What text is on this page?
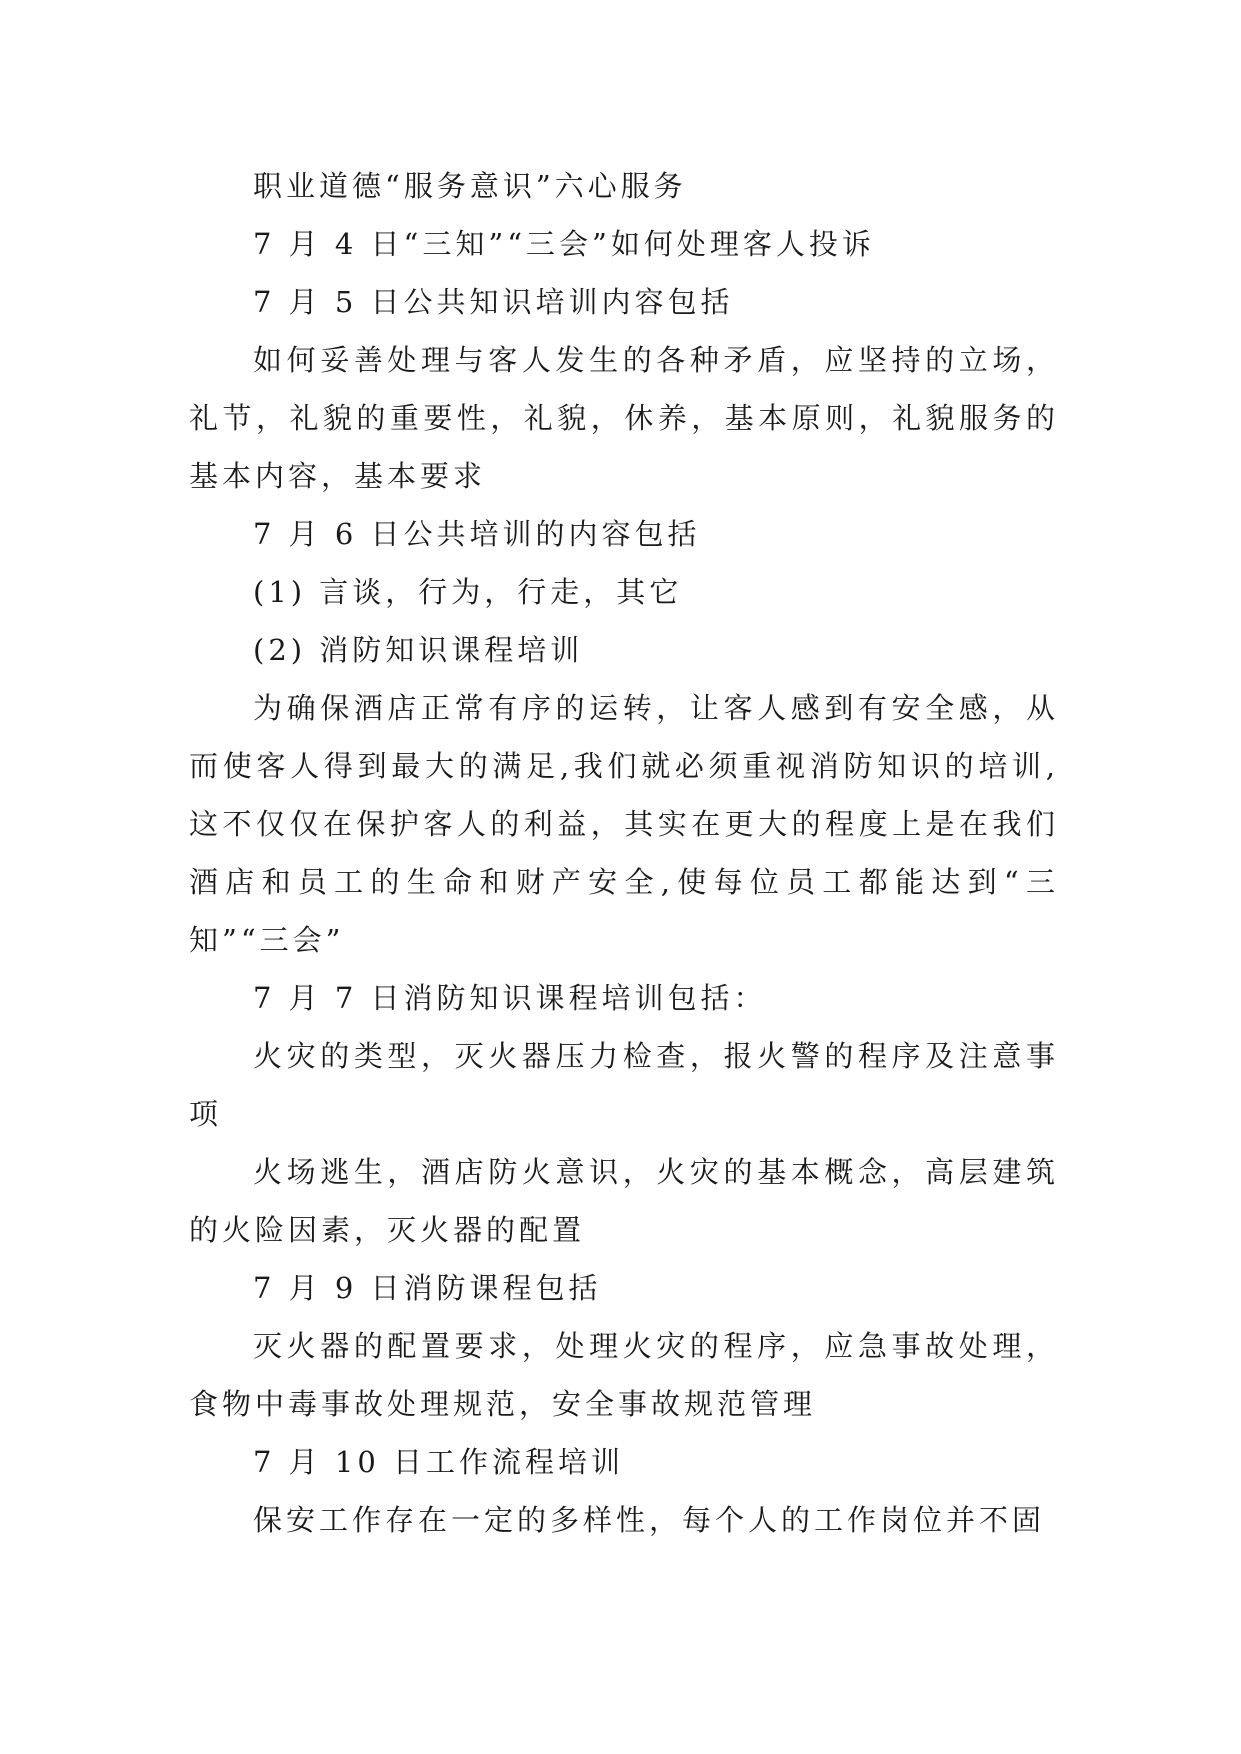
职业道德“服务意识”六心服务

7 月 4 日“三知”“三会”如何处理客人投诉

7 月 5 日公共知识培训内容包括

如何妥善处理与客人发生的各种矛盾，应坚持的立场，礼节，礼貌的重要性，礼貌，休养，基本原则，礼貌服务的基本内容，基本要求

7 月 6 日公共培训的内容包括

(1) 言谈，行为，行走，其它

(2) 消防知识课程培训

为确保酒店正常有序的运转，让客人感到有安全感，从而使客人得到最大的满足,我们就必须重视消防知识的培训,这不仅仅在保护客人的利益，其实在更大的程度上是在我们酒店和员工的生命和财产安全,使每位员工都能达到“三知”“三会”

7 月 7 日消防知识课程培训包括：

火灾的类型，灭火器压力检查，报火警的程序及注意事项

火场逃生，酒店防火意识，火灾的基本概念，高层建筑的火险因素，灭火器的配置

7 月 9 日消防课程包括

灭火器的配置要求，处理火灾的程序，应急事故处理，食物中毒事故处理规范，安全事故规范管理

7 月 10 日工作流程培训

保安工作存在一定的多样性，每个人的工作岗位并不固
